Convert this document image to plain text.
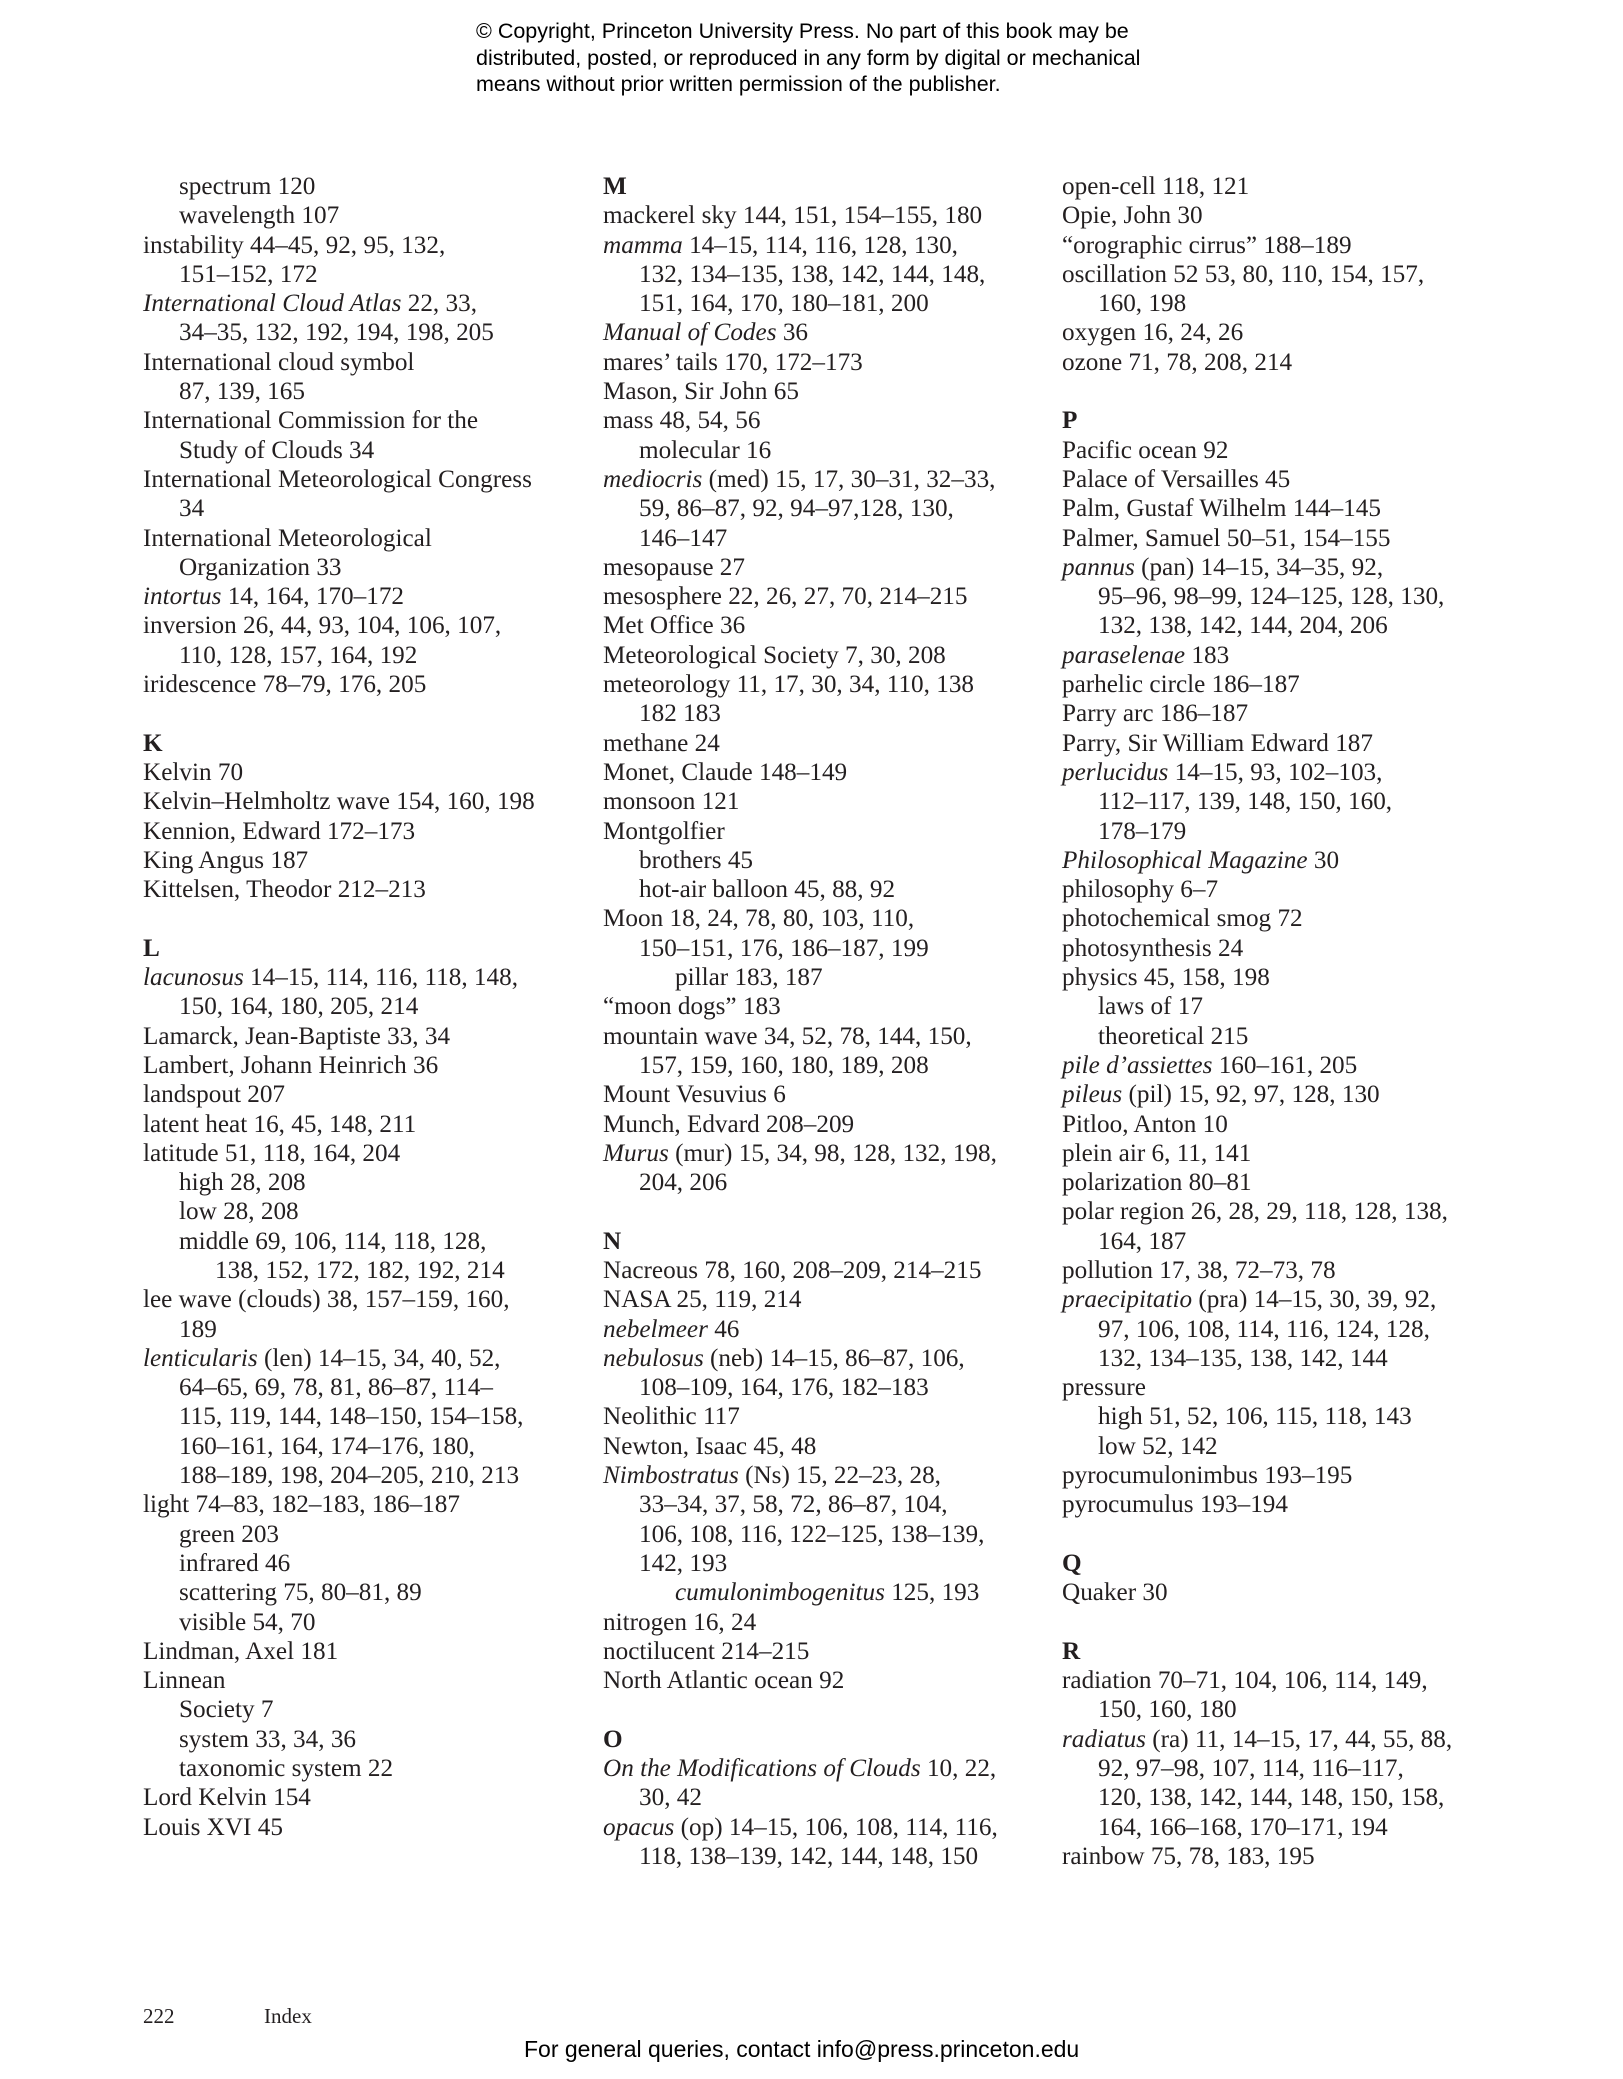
© Copyright, Princeton University Press. No part of this book may be
distributed, posted, or reproduced in any form by digital or mechanical
means without prior written permission of the publisher.
spectrum 120
wavelength 107
instability 44–45, 92, 95, 132,
151–152, 172
International Cloud Atlas 22, 33,
34–35, 132, 192, 194, 198, 205
International cloud symbol
87, 139, 165
International Commission for the
Study of Clouds 34
International Meteorological Congress
34
International Meteorological
Organization 33
intortus 14, 164, 170–172
inversion 26, 44, 93, 104, 106, 107,
110, 128, 157, 164, 192
iridescence 78–79, 176, 205
K
Kelvin 70
Kelvin–Helmholtz wave 154, 160, 198
Kennion, Edward 172–173
King Angus 187
Kittelsen, Theodor 212–213
L
lacunosus 14–15, 114, 116, 118, 148,
150, 164, 180, 205, 214
Lamarck, Jean-Baptiste 33, 34
Lambert, Johann Heinrich 36
landspout 207
latent heat 16, 45, 148, 211
latitude 51, 118, 164, 204
high 28, 208
low 28, 208
middle 69, 106, 114, 118, 128,
138, 152, 172, 182, 192, 214
lee wave (clouds) 38, 157–159, 160,
189
lenticularis (len) 14–15, 34, 40, 52,
64–65, 69, 78, 81, 86–87, 114–
115, 119, 144, 148–150, 154–158,
160–161, 164, 174–176, 180,
188–189, 198, 204–205, 210, 213
light 74–83, 182–183, 186–187
green 203
infrared 46
scattering 75, 80–81, 89
visible 54, 70
Lindman, Axel 181
Linnean
Society 7
system 33, 34, 36
taxonomic system 22
Lord Kelvin 154
Louis XVI 45
M
mackerel sky 144, 151, 154–155, 180
mamma 14–15, 114, 116, 128, 130,
132, 134–135, 138, 142, 144, 148,
151, 164, 170, 180–181, 200
Manual of Codes 36
mares’ tails 170, 172–173
Mason, Sir John 65
mass 48, 54, 56
molecular 16
mediocris (med) 15, 17, 30–31, 32–33,
59, 86–87, 92, 94–97,128, 130,
146–147
mesopause 27
mesosphere 22, 26, 27, 70, 214–215
Met Office 36
Meteorological Society 7, 30, 208
meteorology 11, 17, 30, 34, 110, 138
182 183
methane 24
Monet, Claude 148–149
monsoon 121
Montgolfier
brothers 45
hot-air balloon 45, 88, 92
Moon 18, 24, 78, 80, 103, 110,
150–151, 176, 186–187, 199
pillar 183, 187
“moon dogs” 183
mountain wave 34, 52, 78, 144, 150,
157, 159, 160, 180, 189, 208
Mount Vesuvius 6
Munch, Edvard 208–209
Murus (mur) 15, 34, 98, 128, 132, 198,
204, 206
N
Nacreous 78, 160, 208–209, 214–215
NASA 25, 119, 214
nebelmeer 46
nebulosus (neb) 14–15, 86–87, 106,
108–109, 164, 176, 182–183
Neolithic 117
Newton, Isaac 45, 48
Nimbostratus (Ns) 15, 22–23, 28,
33–34, 37, 58, 72, 86–87, 104,
106, 108, 116, 122–125, 138–139,
142, 193
cumulonimbogenitus 125, 193
nitrogen 16, 24
noctilucent 214–215
North Atlantic ocean 92
O
On the Modifications of Clouds 10, 22,
30, 42
opacus (op) 14–15, 106, 108, 114, 116,
118, 138–139, 142, 144, 148, 150
open-cell 118, 121
Opie, John 30
“orographic cirrus” 188–189
oscillation 52 53, 80, 110, 154, 157,
160, 198
oxygen 16, 24, 26
ozone 71, 78, 208, 214
P
Pacific ocean 92
Palace of Versailles 45
Palm, Gustaf Wilhelm 144–145
Palmer, Samuel 50–51, 154–155
pannus (pan) 14–15, 34–35, 92,
95–96, 98–99, 124–125, 128, 130,
132, 138, 142, 144, 204, 206
paraselenae 183
parhelic circle 186–187
Parry arc 186–187
Parry, Sir William Edward 187
perlucidus 14–15, 93, 102–103,
112–117, 139, 148, 150, 160,
178–179
Philosophical Magazine 30
philosophy 6–7
photochemical smog 72
photosynthesis 24
physics 45, 158, 198
laws of 17
theoretical 215
pile d’assiettes 160–161, 205
pileus (pil) 15, 92, 97, 128, 130
Pitloo, Anton 10
plein air 6, 11, 141
polarization 80–81
polar region 26, 28, 29, 118, 128, 138,
164, 187
pollution 17, 38, 72–73, 78
praecipitatio (pra) 14–15, 30, 39, 92,
97, 106, 108, 114, 116, 124, 128,
132, 134–135, 138, 142, 144
pressure
high 51, 52, 106, 115, 118, 143
low 52, 142
pyrocumulonimbus 193–195
pyrocumulus 193–194
Q
Quaker 30
R
radiation 70–71, 104, 106, 114, 149,
150, 160, 180
radiatus (ra) 11, 14–15, 17, 44, 55, 88,
92, 97–98, 107, 114, 116–117,
120, 138, 142, 144, 148, 150, 158,
164, 166–168, 170–171, 194
rainbow 75, 78, 183, 195
222	Index
For general queries, contact info@press.princeton.edu
